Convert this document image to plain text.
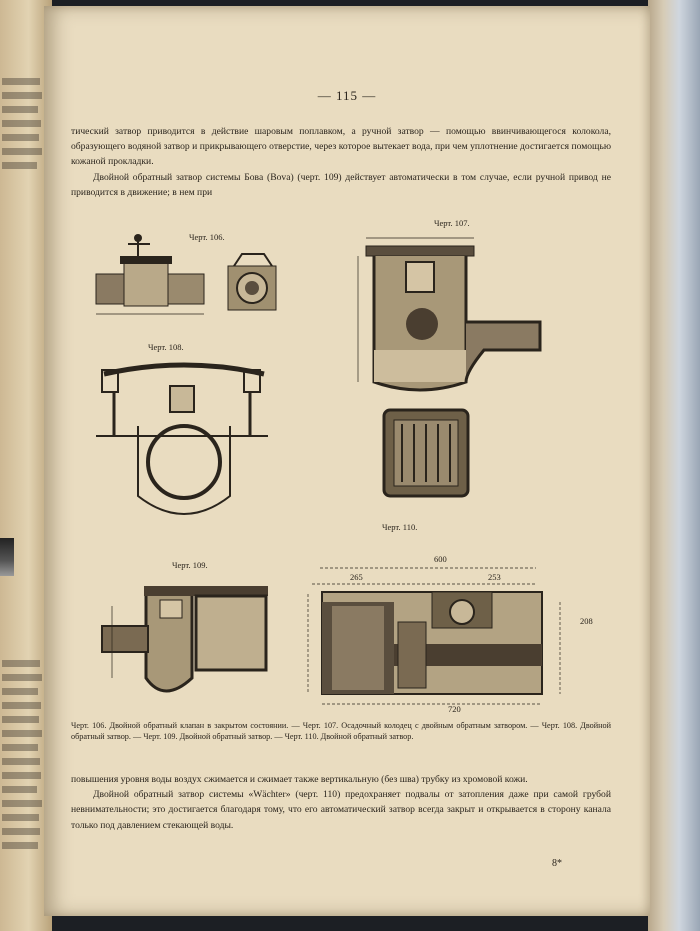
— 115 —

тический затвор приводится в действие шаровым поплавком, а ручной затвор — помощью ввинчивающегося колокола, образующего водяной затвор и прикрывающего отверстие, через которое вытекает вода, при чем уплотнение достигается помощью кожаной прокладки.

Двойной обратный затвор системы Бова (Bova) (черт. 109) действует автоматически в том случае, если ручной привод не приводится в движение; в нем при

Черт. 106.
Черт. 108.
Черт. 107.
Черт. 110.
Черт. 109.
600
265	253
720
208
Черт. 106. Двойной обратный клапан в закрытом состоянии. — Черт. 107. Осадочный колодец с двойным обратным затвором. — Черт. 108. Двойной обратный затвор. — Черт. 109. Двойной обратный затвор. — Черт. 110. Двойной обратный затвор.

повышения уровня воды воздух сжимается и сжимает также вертикальную (без шва) трубку из хромовой кожи.

Двойной обратный затвор системы «Wächter» (черт. 110) предохраняет подвалы от затопления даже при самой грубой невнимательности; это достигается благодаря тому, что его автоматический затвор всегда закрыт и открывается в сторону канала только под давлением стекающей воды.

8*
